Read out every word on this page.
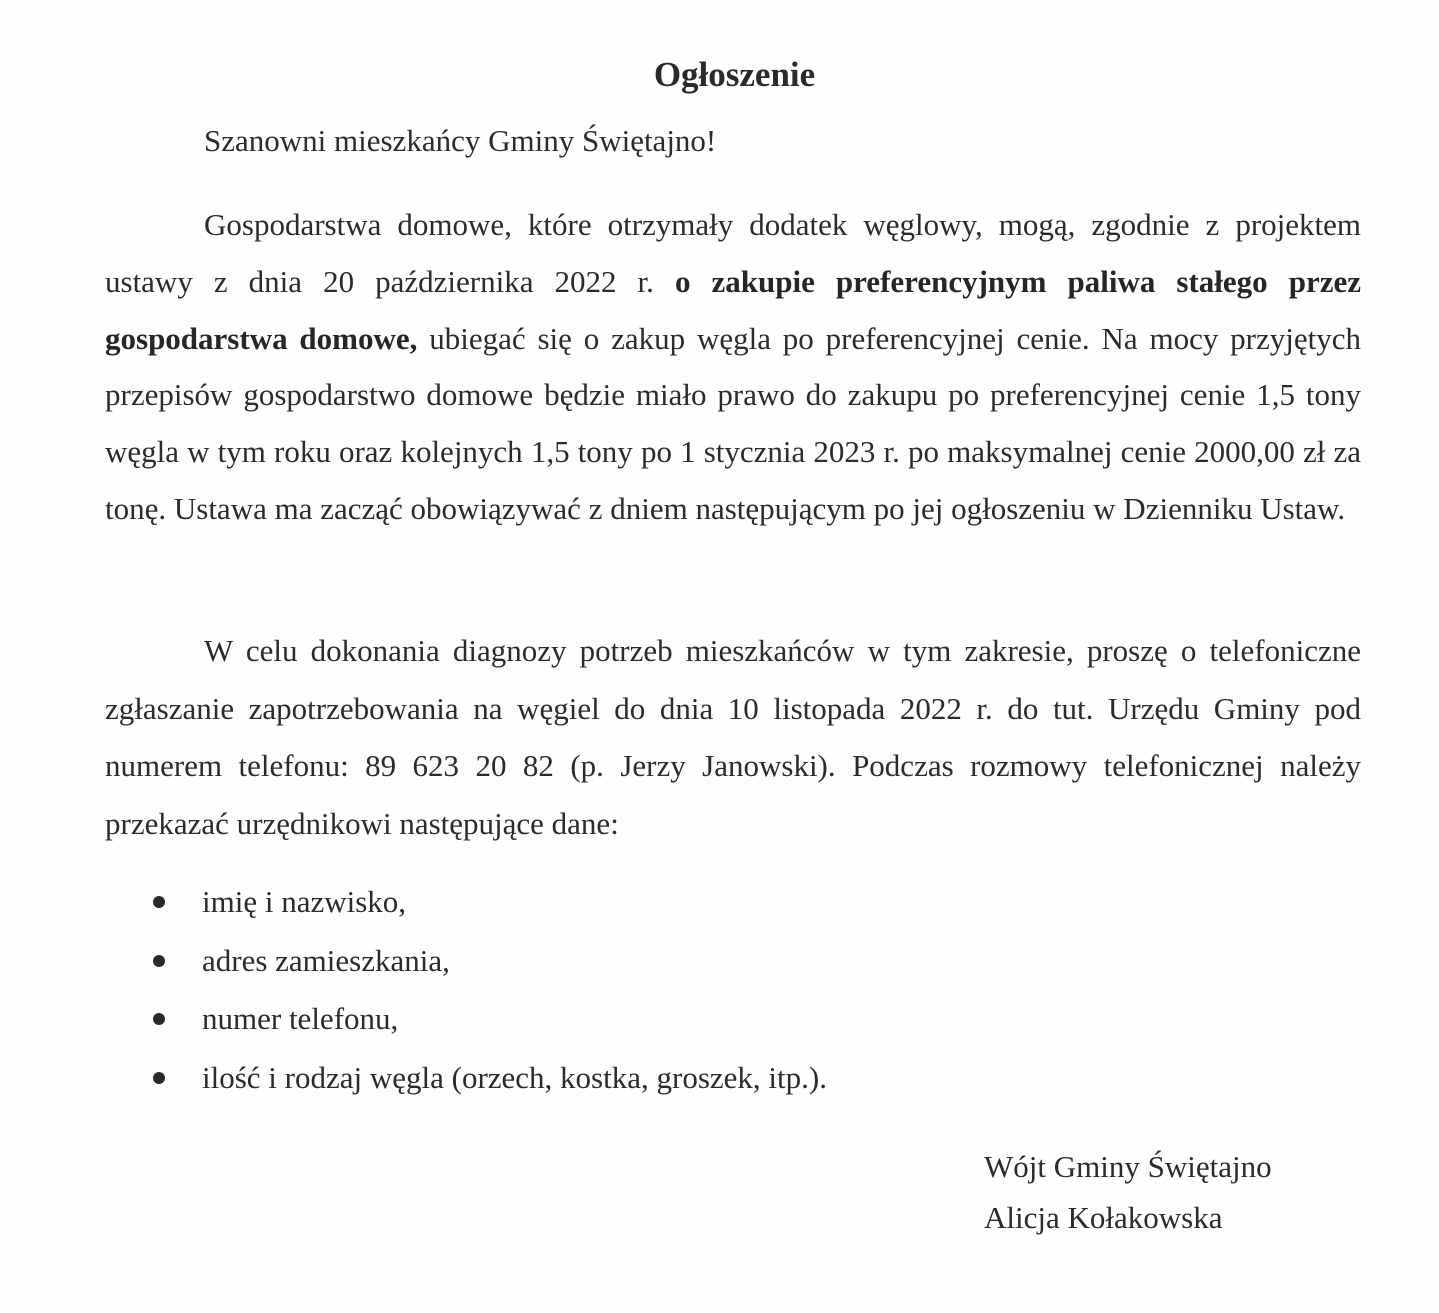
Ogłoszenie
Szanowni mieszkańcy Gminy Świętajno!

Gospodarstwa domowe, które otrzymały dodatek węglowy, mogą, zgodnie z projektem ustawy z dnia 20 października 2022 r. o zakupie preferencyjnym paliwa stałego przez gospodarstwa domowe, ubiegać się o zakup węgla po preferencyjnej cenie. Na mocy przyjętych przepisów gospodarstwo domowe będzie miało prawo do zakupu po preferencyjnej cenie 1,5 tony węgla w tym roku oraz kolejnych 1,5 tony po 1 stycznia 2023 r. po maksymalnej cenie 2000,00 zł za tonę. Ustawa ma zacząć obowiązywać z dniem następującym po jej ogłoszeniu w Dzienniku Ustaw.

W celu dokonania diagnozy potrzeb mieszkańców w tym zakresie, proszę o telefoniczne zgłaszanie zapotrzebowania na węgiel do dnia 10 listopada 2022 r. do tut. Urzędu Gminy pod numerem telefonu: 89 623 20 82 (p. Jerzy Janowski). Podczas rozmowy telefonicznej należy przekazać urzędnikowi następujące dane:

imię i nazwisko,
adres zamieszkania,
numer telefonu,
ilość i rodzaj węgla (orzech, kostka, groszek, itp.).
Wójt Gminy Świętajno
Alicja Kołakowska
